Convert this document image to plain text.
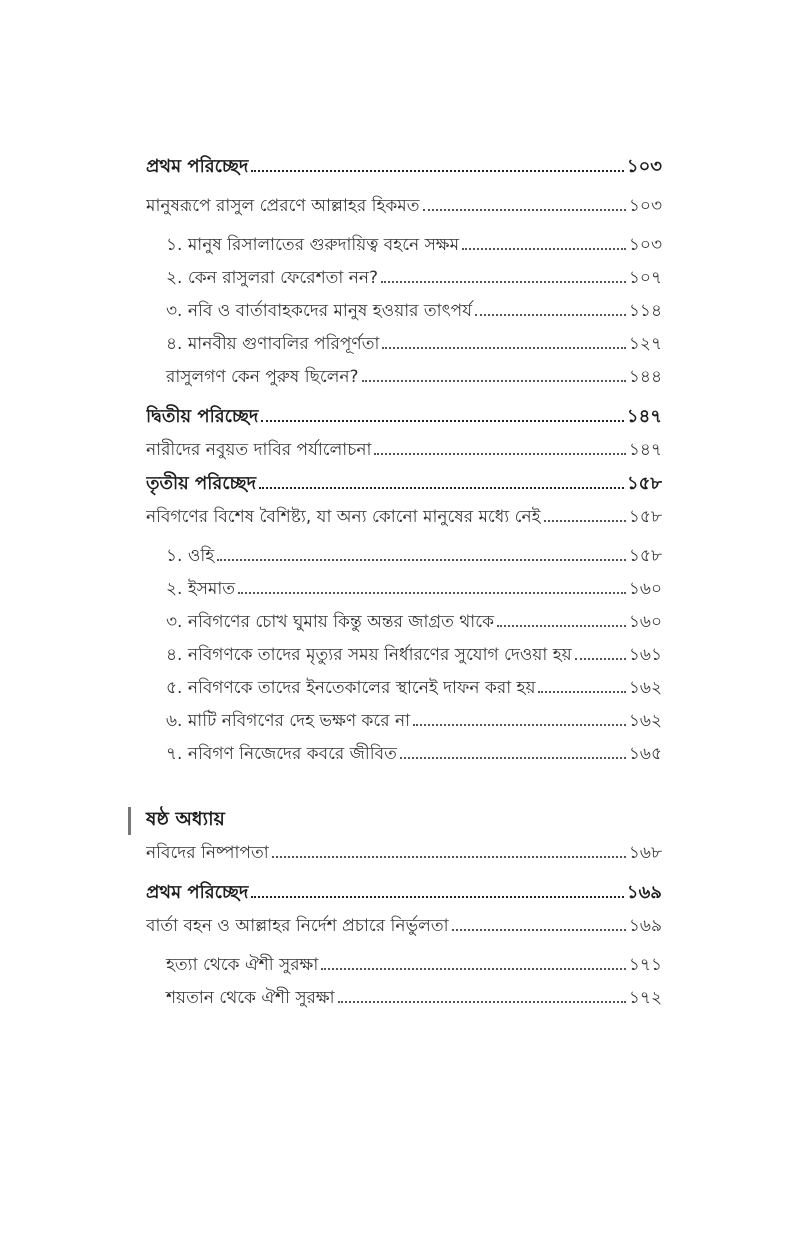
প্রথম পরিচ্ছেদ	১০৩
মানুষরূপে রাসুল প্রেরণে আল্লাহর হিকমত	১০৩
১. মানুষ রিসালাতের গুরুদায়িত্ব বহনে সক্ষম	১০৩
২. কেন রাসুলরা ফেরেশতা নন?	১০৭
৩. নবি ও বার্তাবাহকদের মানুষ হওয়ার তাৎপর্য	১১৪
৪. মানবীয় গুণাবলির পরিপূর্ণতা	১২৭
রাসুলগণ কেন পুরুষ ছিলেন?	১৪৪
দ্বিতীয় পরিচ্ছেদ	১৪৭
নারীদের নবুয়ত দাবির পর্যালোচনা	১৪৭
তৃতীয় পরিচ্ছেদ	১৫৮
নবিগণের বিশেষ বৈশিষ্ট্য, যা অন্য কোনো মানুষের মধ্যে নেই	১৫৮
১. ওহি	১৫৮
২. ইসমাত	১৬০
৩. নবিগণের চোখ ঘুমায় কিন্তু অন্তর জাগ্রত থাকে	১৬০
৪. নবিগণকে তাদের মৃত্যুর সময় নির্ধারণের সুযোগ দেওয়া হয়	১৬১
৫. নবিগণকে তাদের ইনতেকালের স্থানেই দাফন করা হয়	১৬২
৬. মাটি নবিগণের দেহ ভক্ষণ করে না	১৬২
৭. নবিগণ নিজেদের কবরে জীবিত	১৬৫
ষষ্ঠ অধ্যায়
নবিদের নিষ্পাপতা	১৬৮
প্রথম পরিচ্ছেদ	১৬৯
বার্তা বহন ও আল্লাহর নির্দেশ প্রচারে নির্ভুলতা	১৬৯
হত্যা থেকে ঐশী সুরক্ষা	১৭১
শয়তান থেকে ঐশী সুরক্ষা	১৭২
